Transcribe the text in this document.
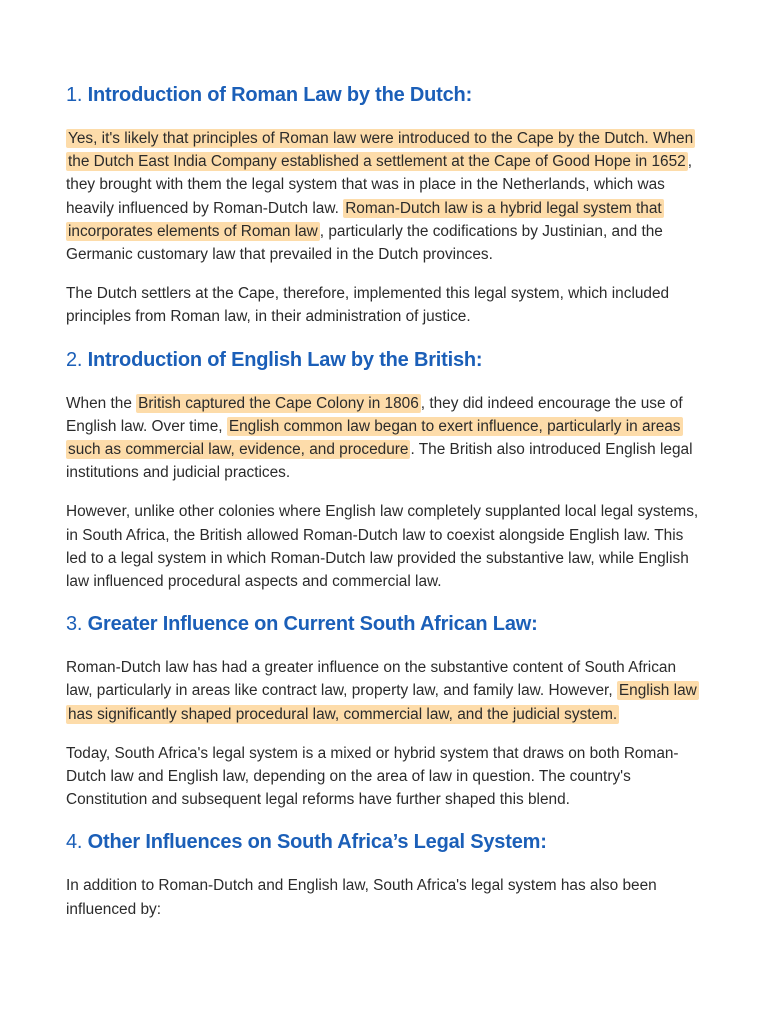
1. Introduction of Roman Law by the Dutch:

Yes, it's likely that principles of Roman law were introduced to the Cape by the Dutch. When the Dutch East India Company established a settlement at the Cape of Good Hope in 1652 , they brought with them the legal system that was in place in the Netherlands, which was heavily influenced by Roman-Dutch law. Roman-Dutch law is a hybrid legal system that incorporates elements of Roman law , particularly the codifications by Justinian, and the Germanic customary law that prevailed in the Dutch provinces.

The Dutch settlers at the Cape, therefore, implemented this legal system, which included principles from Roman law, in their administration of justice.

2. Introduction of English Law by the British:

When the British captured the Cape Colony in 1806 , they did indeed encourage the use of English law. Over time, English common law began to exert influence, particularly in areas such as commercial law, evidence, and procedure . The British also introduced English legal institutions and judicial practices.

However, unlike other colonies where English law completely supplanted local legal systems, in South Africa, the British allowed Roman-Dutch law to coexist alongside English law. This led to a legal system in which Roman-Dutch law provided the substantive law, while English law influenced procedural aspects and commercial law.

3. Greater Influence on Current South African Law:

Roman-Dutch law has had a greater influence on the substantive content of South African law, particularly in areas like contract law, property law, and family law. However, English law has significantly shaped procedural law, commercial law, and the judicial system.

Today, South Africa's legal system is a mixed or hybrid system that draws on both Roman-Dutch law and English law, depending on the area of law in question. The country's Constitution and subsequent legal reforms have further shaped this blend.

4. Other Influences on South Africa’s Legal System:

In addition to Roman-Dutch and English law, South Africa's legal system has also been influenced by:
